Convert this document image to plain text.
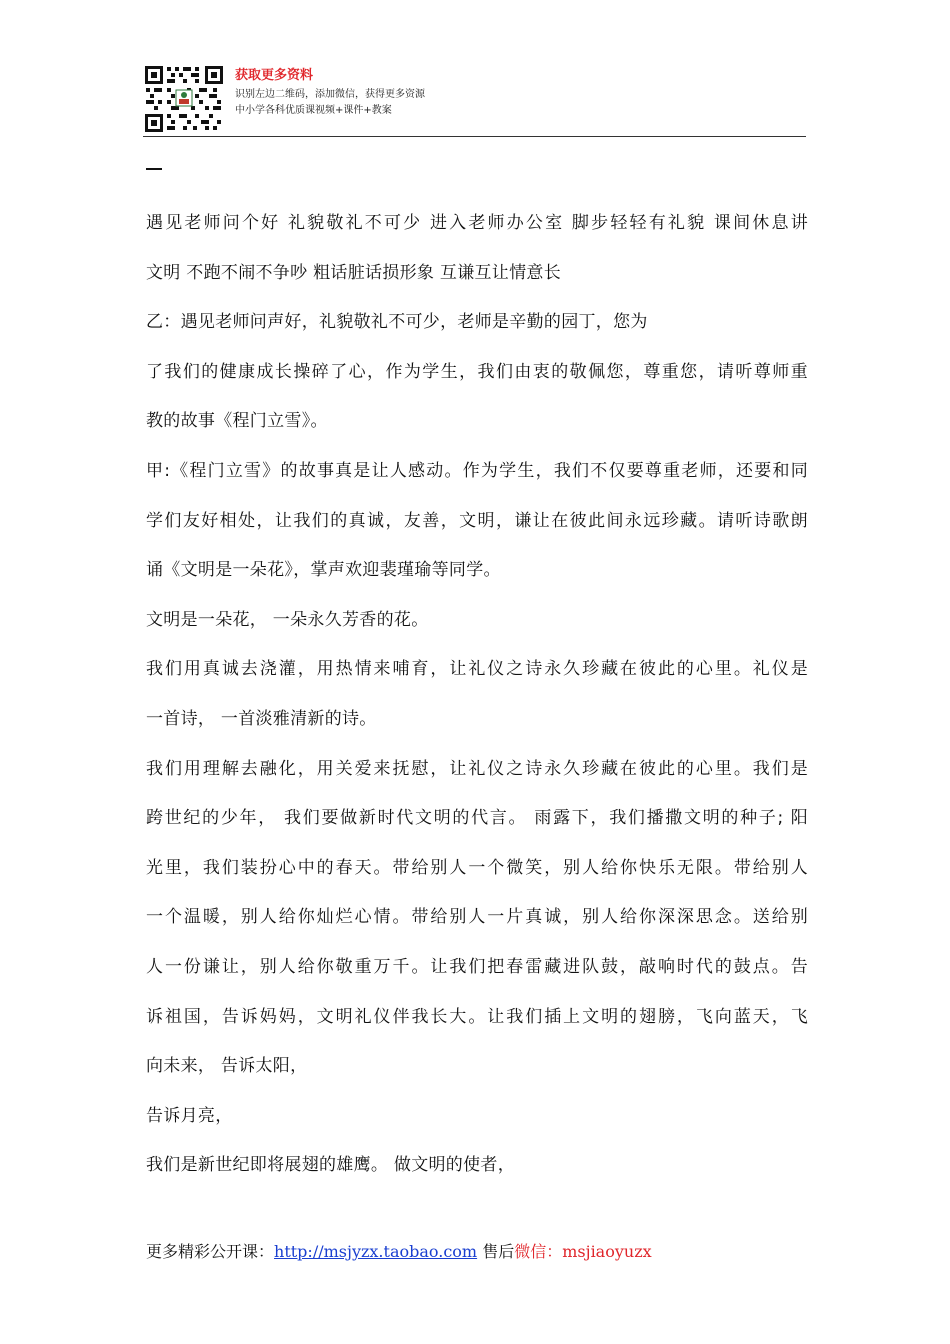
获取更多资料
识别左边二维码，添加微信，获得更多资源
中小学各科优质课视频+课件+教案
遇见老师问个好 礼貌敬礼不可少 进入老师办公室 脚步轻轻有礼貌 课间休息讲
文明 不跑不闹不争吵 粗话脏话损形象 互谦互让情意长
乙：遇见老师问声好，礼貌敬礼不可少，老师是辛勤的园丁，您为
了我们的健康成长操碎了心，作为学生，我们由衷的敬佩您，尊重您，请听尊师重
教的故事《程门立雪》。
甲:《程门立雪》的故事真是让人感动。作为学生，我们不仅要尊重老师，还要和同
学们友好相处，让我们的真诚，友善，文明，谦让在彼此间永远珍藏。请听诗歌朗
诵《文明是一朵花》，掌声欢迎裴瑾瑜等同学。
文明是一朵花， 一朵永久芳香的花。
我们用真诚去浇灌，用热情来哺育，让礼仪之诗永久珍藏在彼此的心里。礼仪是
一首诗， 一首淡雅清新的诗。
我们用理解去融化，用关爱来抚慰，让礼仪之诗永久珍藏在彼此的心里。我们是
跨世纪的少年， 我们要做新时代文明的代言。 雨露下，我们播撒文明的种子; 阳
光里，我们装扮心中的春天。带给别人一个微笑，别人给你快乐无限。带给别人
一个温暖，别人给你灿烂心情。带给别人一片真诚，别人给你深深思念。送给别
人一份谦让，别人给你敬重万千。让我们把春雷藏进队鼓，敲响时代的鼓点。告
诉祖国，告诉妈妈，文明礼仪伴我长大。让我们插上文明的翅膀，飞向蓝天，飞
向未来， 告诉太阳，
告诉月亮，
我们是新世纪即将展翅的雄鹰。 做文明的使者，
更多精彩公开课：http://msjyzx.taobao.com 售后微信：msjiaoyuzx
